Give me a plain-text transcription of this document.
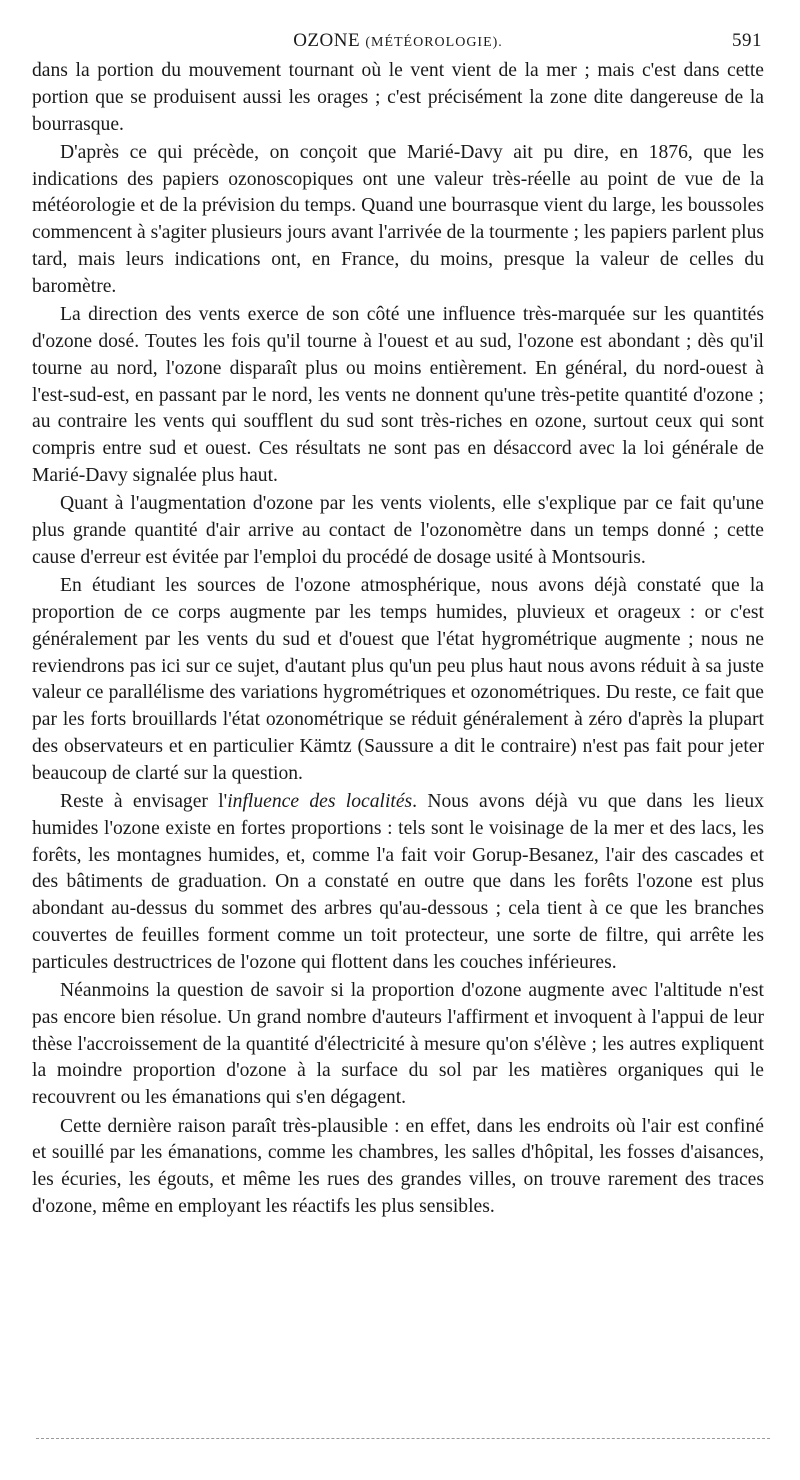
OZONE (MÉTÉOROLOGIE).	591

dans la portion du mouvement tournant où le vent vient de la mer ; mais c'est dans cette portion que se produisent aussi les orages ; c'est précisément la zone dite dangereuse de la bourrasque.

D'après ce qui précède, on conçoit que Marié-Davy ait pu dire, en 1876, que les indications des papiers ozonoscopiques ont une valeur très-réelle au point de vue de la météorologie et de la prévision du temps. Quand une bourrasque vient du large, les boussoles commencent à s'agiter plusieurs jours avant l'arrivée de la tourmente ; les papiers parlent plus tard, mais leurs indications ont, en France, du moins, presque la valeur de celles du baromètre.

La direction des vents exerce de son côté une influence très-marquée sur les quantités d'ozone dosé. Toutes les fois qu'il tourne à l'ouest et au sud, l'ozone est abondant ; dès qu'il tourne au nord, l'ozone disparaît plus ou moins entièrement. En général, du nord-ouest à l'est-sud-est, en passant par le nord, les vents ne donnent qu'une très-petite quantité d'ozone ; au contraire les vents qui soufflent du sud sont très-riches en ozone, surtout ceux qui sont compris entre sud et ouest. Ces résultats ne sont pas en désaccord avec la loi générale de Marié-Davy signalée plus haut.

Quant à l'augmentation d'ozone par les vents violents, elle s'explique par ce fait qu'une plus grande quantité d'air arrive au contact de l'ozonomètre dans un temps donné ; cette cause d'erreur est évitée par l'emploi du procédé de dosage usité à Montsouris.

En étudiant les sources de l'ozone atmosphérique, nous avons déjà constaté que la proportion de ce corps augmente par les temps humides, pluvieux et orageux : or c'est généralement par les vents du sud et d'ouest que l'état hygrométrique augmente ; nous ne reviendrons pas ici sur ce sujet, d'autant plus qu'un peu plus haut nous avons réduit à sa juste valeur ce parallélisme des variations hygrométriques et ozonométriques. Du reste, ce fait que par les forts brouillards l'état ozonométrique se réduit généralement à zéro d'après la plupart des observateurs et en particulier Kämtz (Saussure a dit le contraire) n'est pas fait pour jeter beaucoup de clarté sur la question.

Reste à envisager l'influence des localités. Nous avons déjà vu que dans les lieux humides l'ozone existe en fortes proportions : tels sont le voisinage de la mer et des lacs, les forêts, les montagnes humides, et, comme l'a fait voir Gorup-Besanez, l'air des cascades et des bâtiments de graduation. On a constaté en outre que dans les forêts l'ozone est plus abondant au-dessus du sommet des arbres qu'au-dessous ; cela tient à ce que les branches couvertes de feuilles forment comme un toit protecteur, une sorte de filtre, qui arrête les particules destructrices de l'ozone qui flottent dans les couches inférieures.

Néanmoins la question de savoir si la proportion d'ozone augmente avec l'altitude n'est pas encore bien résolue. Un grand nombre d'auteurs l'affirment et invoquent à l'appui de leur thèse l'accroissement de la quantité d'électricité à mesure qu'on s'élève ; les autres expliquent la moindre proportion d'ozone à la surface du sol par les matières organiques qui le recouvrent ou les émanations qui s'en dégagent.

Cette dernière raison paraît très-plausible : en effet, dans les endroits où l'air est confiné et souillé par les émanations, comme les chambres, les salles d'hôpital, les fosses d'aisances, les écuries, les égouts, et même les rues des grandes villes, on trouve rarement des traces d'ozone, même en employant les réactifs les plus sensibles.
